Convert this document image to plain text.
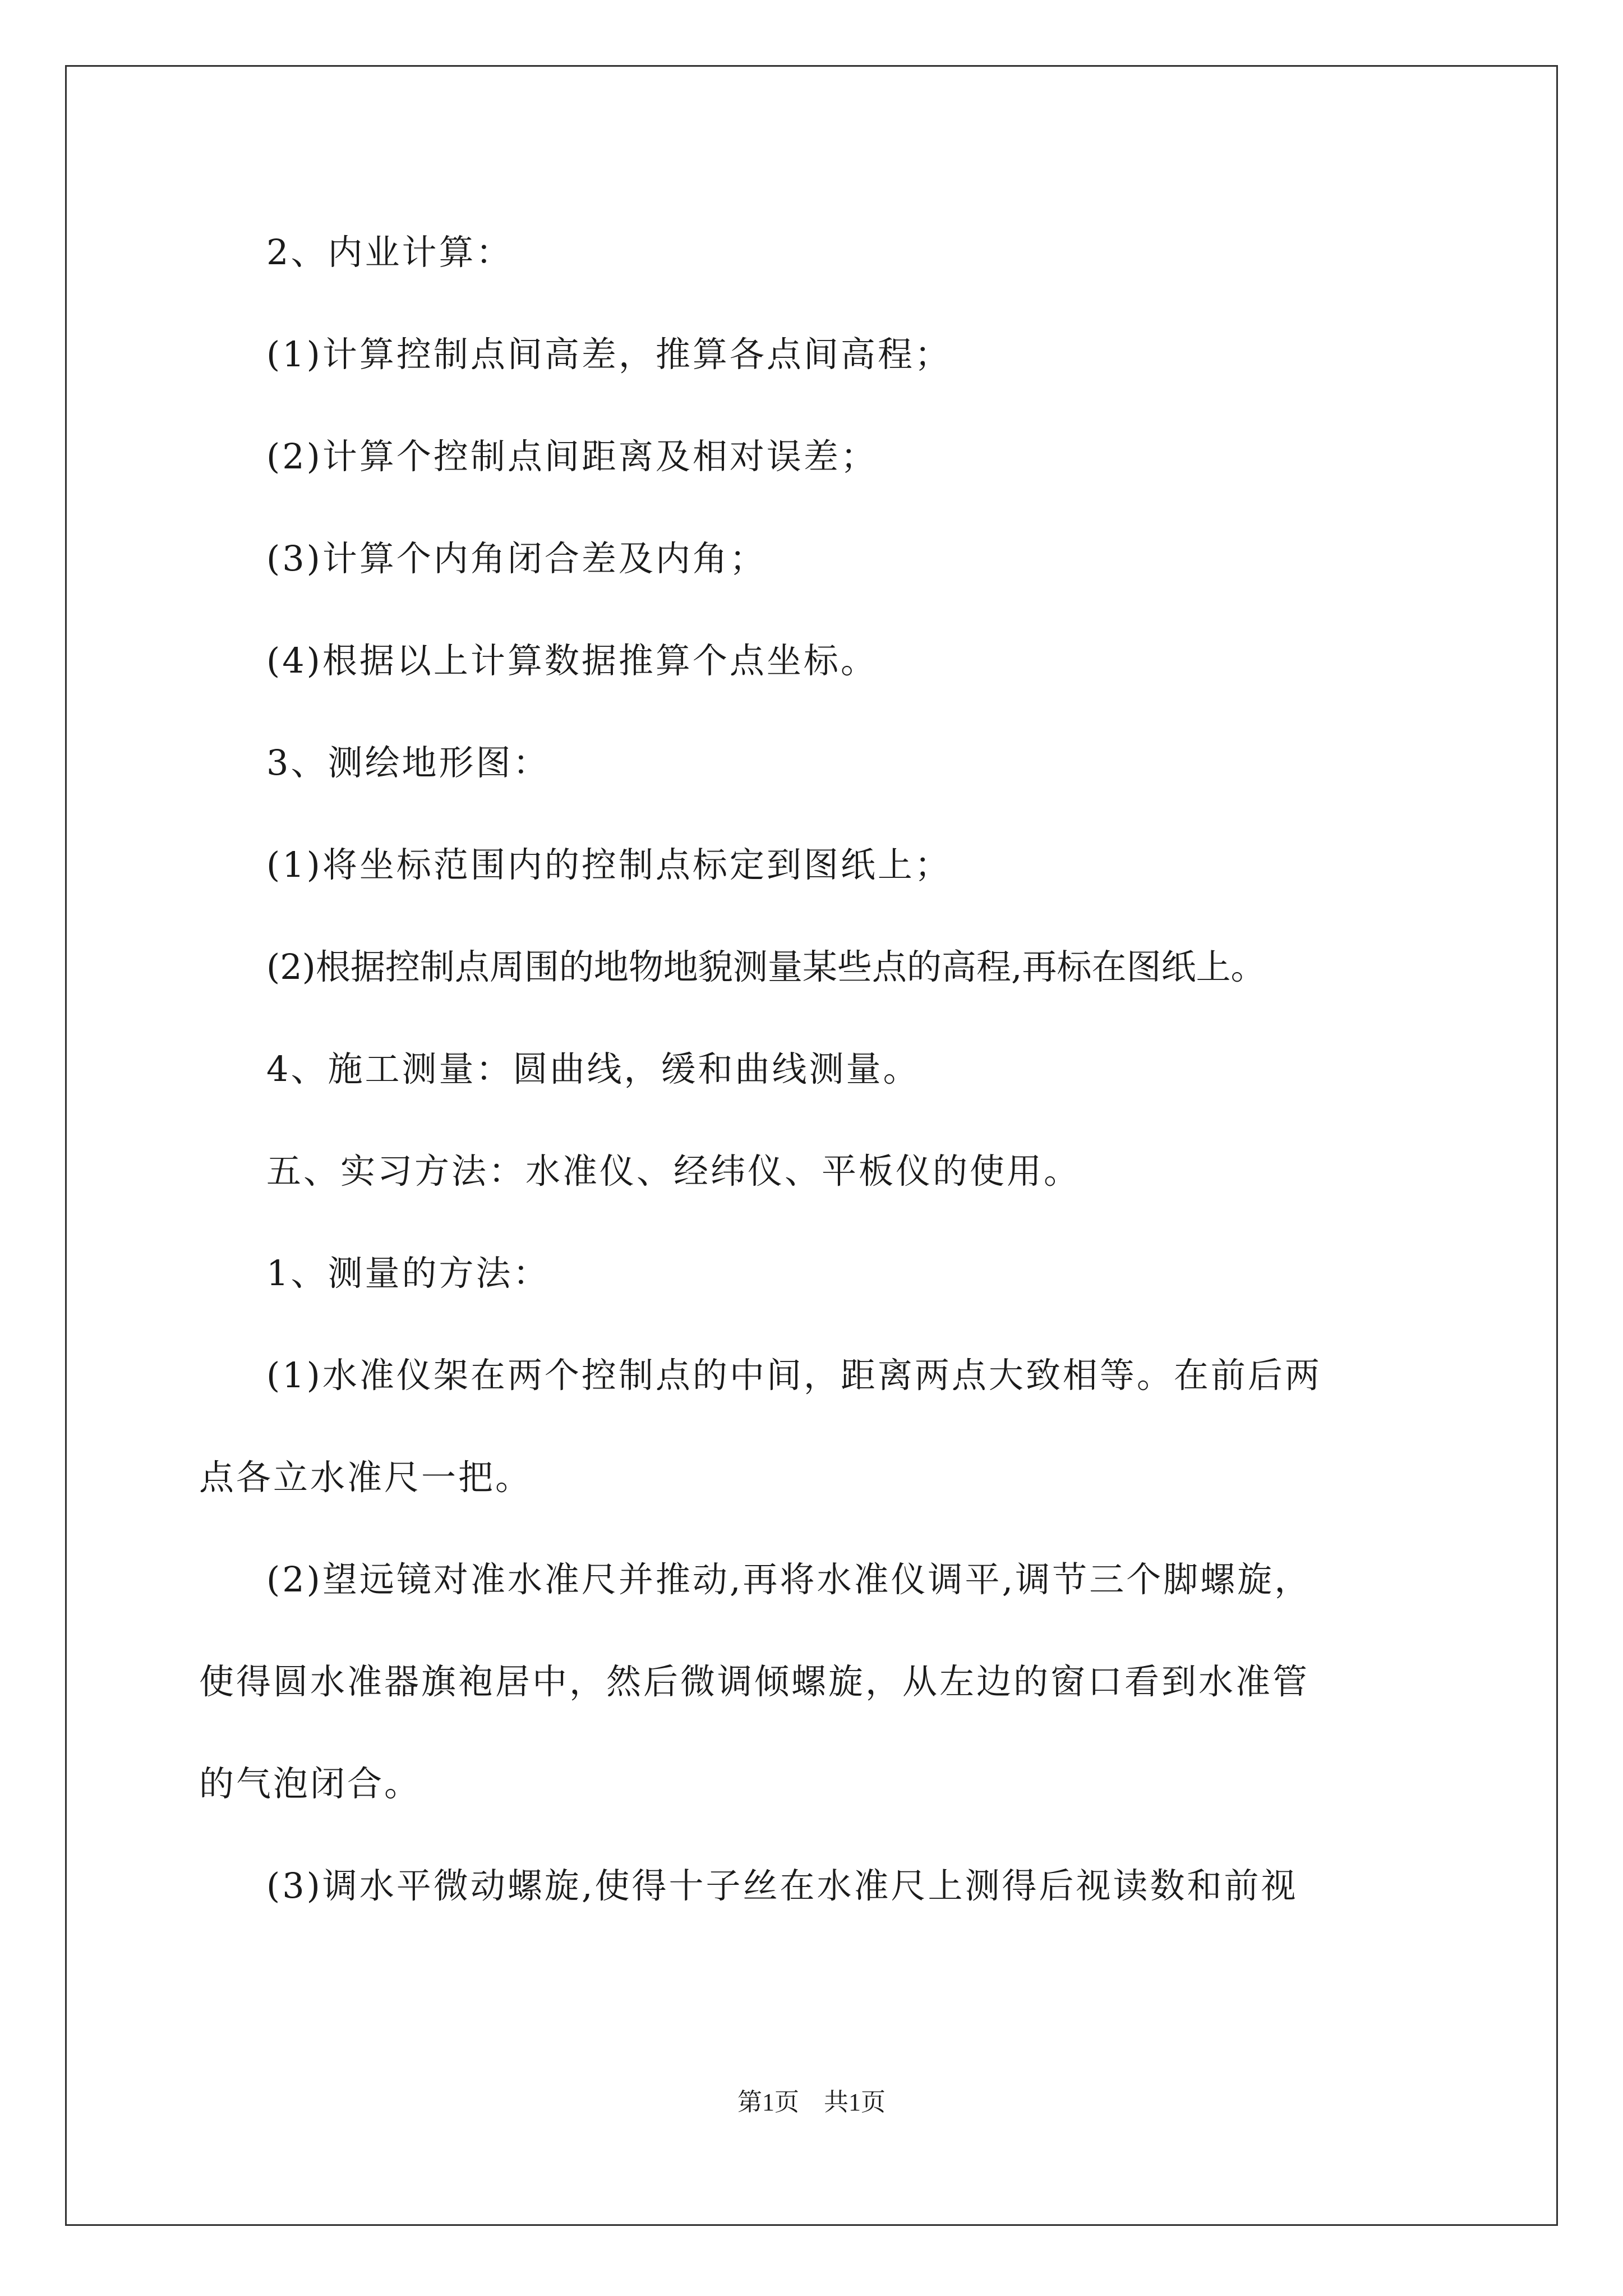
2、内业计算：
(1)计算控制点间高差，推算各点间高程；
(2)计算个控制点间距离及相对误差；
(3)计算个内角闭合差及内角；
(4)根据以上计算数据推算个点坐标。
3、测绘地形图：
(1)将坐标范围内的控制点标定到图纸上；
(2)根据控制点周围的地物地貌测量某些点的高程,再标在图纸上。
4、施工测量：圆曲线，缓和曲线测量。
五、实习方法：水准仪、经纬仪、平板仪的使用。
1、测量的方法：
(1)水准仪架在两个控制点的中间，距离两点大致相等。在前后两
点各立水准尺一把。
(2)望远镜对准水准尺并推动,再将水准仪调平,调节三个脚螺旋，
使得圆水准器旗袍居中，然后微调倾螺旋，从左边的窗口看到水准管
的气泡闭合。
(3)调水平微动螺旋,使得十子丝在水准尺上测得后视读数和前视
第1页　共1页
